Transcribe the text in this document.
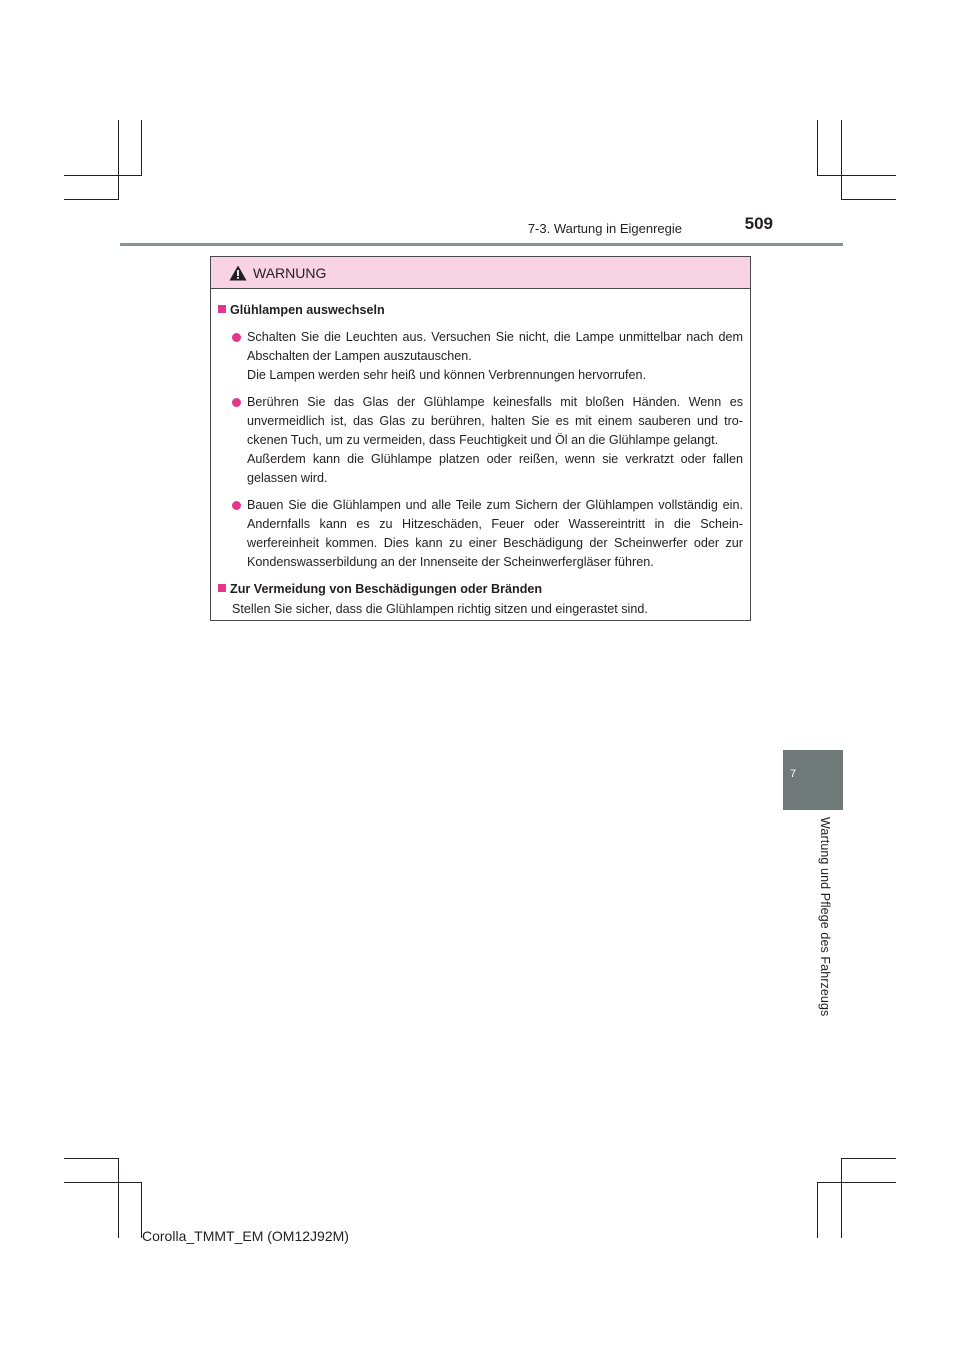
7-3. Wartung in Eigenregie	509
7
Wartung und Pflege des Fahrzeugs
WARNUNG
Glühlampen auswechseln

Schalten Sie die Leuchten aus. Versuchen Sie nicht, die Lampe unmittelbar nach dem Abschalten der Lampen auszutauschen.

Die Lampen werden sehr heiß und können Verbrennungen hervorrufen.

Berühren Sie das Glas der Glühlampe keinesfalls mit bloßen Händen. Wenn es unvermeidlich ist, das Glas zu berühren, halten Sie es mit einem sauberen und trockenen Tuch, um zu vermeiden, dass Feuchtigkeit und Öl an die Glühlampe gelangt.

Außerdem kann die Glühlampe platzen oder reißen, wenn sie verkratzt oder fallen gelassen wird.

Bauen Sie die Glühlampen und alle Teile zum Sichern der Glühlampen vollständig ein. Andernfalls kann es zu Hitzeschäden, Feuer oder Wassereintritt in die Scheinwerfereinheit kommen. Dies kann zu einer Beschädigung der Scheinwerfer oder zur Kondenswasserbildung an der Innenseite der Scheinwerfergläser führen.

Zur Vermeidung von Beschädigungen oder Bränden
Stellen Sie sicher, dass die Glühlampen richtig sitzen und eingerastet sind.
Corolla_TMMT_EM (OM12J92M)
